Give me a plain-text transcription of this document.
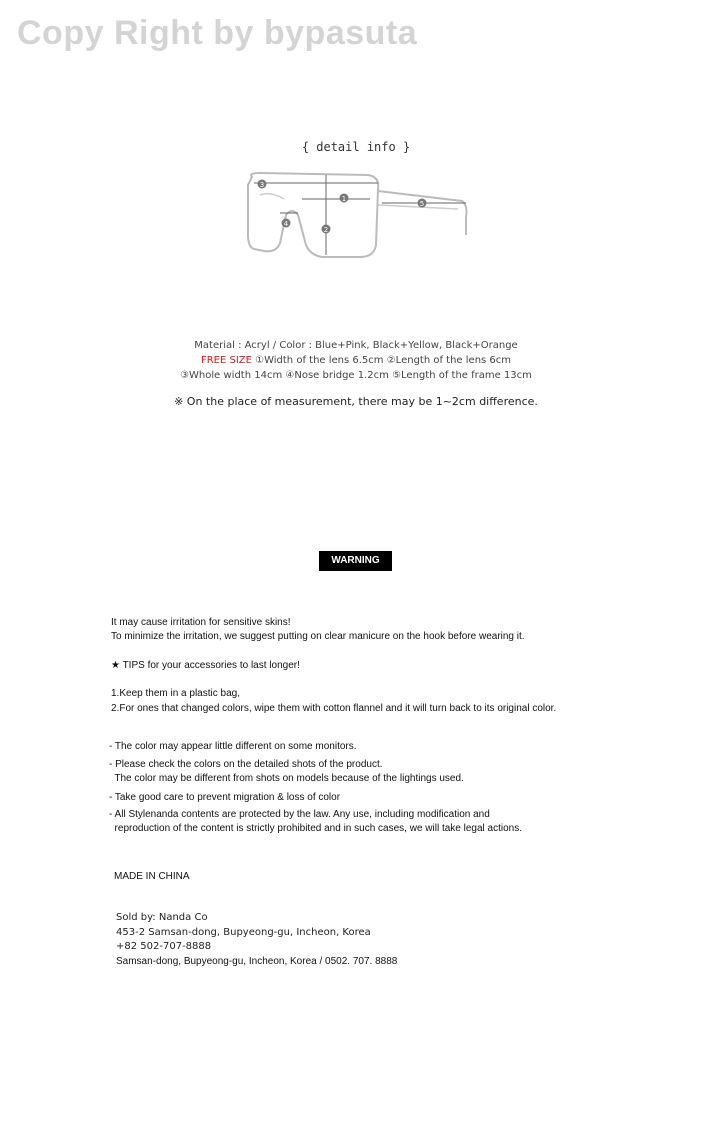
Copy Right by bypasuta
{ detail info }
1
2
3
4
5
Material : Acryl / Color : Blue+Pink, Black+Yellow, Black+Orange
FREE SIZE ①Width of the lens 6.5cm ②Length of the lens 6cm
③Whole width 14cm ④Nose bridge 1.2cm ⑤Length of the frame 13cm
※ On the place of measurement, there may be 1~2cm difference.
WARNING
It may cause irritation for sensitive skins!
To minimize the irritation, we suggest putting on clear manicure on the hook before wearing it.
★ TIPS for your accessories to last longer!
1.Keep them in a plastic bag,
2.For ones that changed colors, wipe them with cotton flannel and it will turn back to its original color.
- The color may appear little different on some monitors.
- Please check the colors on the detailed shots of the product.
The color may be different from shots on models because of the lightings used.
- Take good care to prevent migration & loss of color
- All Stylenanda contents are protected by the law. Any use, including modification and
reproduction of the content is strictly prohibited and in such cases, we will take legal actions.
MADE IN CHINA
Sold by: Nanda Co
453-2 Samsan-dong, Bupyeong-gu, Incheon, Korea
+82 502-707-8888
Samsan-dong, Bupyeong-gu, Incheon, Korea / 0502. 707. 8888
